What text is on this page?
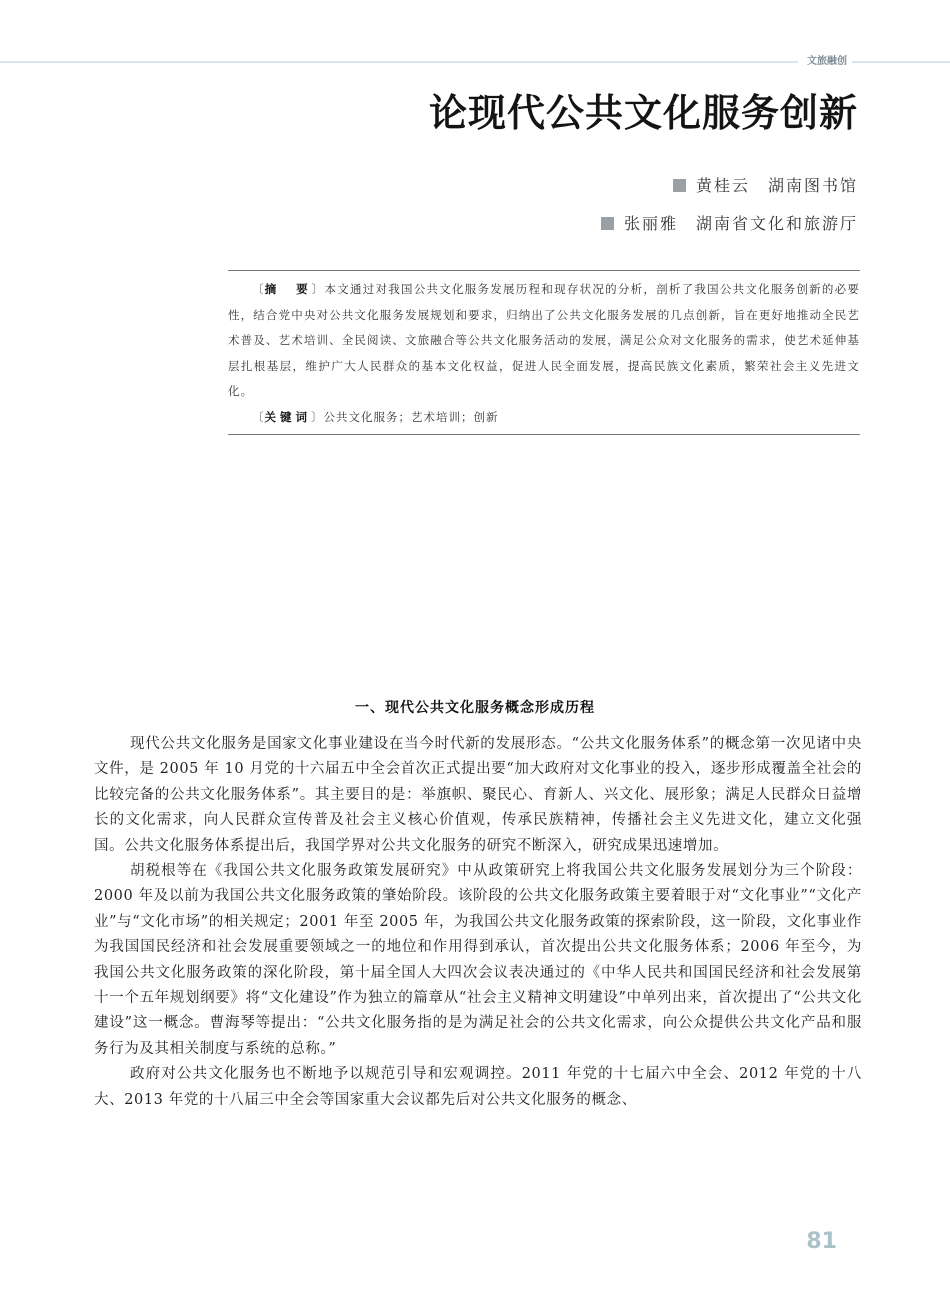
文旅融创
论现代公共文化服务创新
黄桂云 湖南图书馆
张丽雅 湖南省文化和旅游厅

〔摘　要〕本文通过对我国公共文化服务发展历程和现存状况的分析，剖析了我国公共文化服务创新的必要性，结合党中央对公共文化服务发展规划和要求，归纳出了公共文化服务发展的几点创新，旨在更好地推动全民艺术普及、艺术培训、全民阅读、文旅融合等公共文化服务活动的发展，满足公众对文化服务的需求，使艺术延伸基层扎根基层，维护广大人民群众的基本文化权益，促进人民全面发展，提高民族文化素质，繁荣社会主义先进文化。

〔关键词〕公共文化服务；艺术培训；创新

一、现代公共文化服务概念形成历程

现代公共文化服务是国家文化事业建设在当今时代新的发展形态。“公共文化服务体系”的概念第一次见诸中央文件，是 2005 年 10 月党的十六届五中全会首次正式提出要“加大政府对文化事业的投入，逐步形成覆盖全社会的比较完备的公共文化服务体系”。其主要目的是：举旗帜、聚民心、育新人、兴文化、展形象；满足人民群众日益增长的文化需求，向人民群众宣传普及社会主义核心价值观，传承民族精神，传播社会主义先进文化，建立文化强国。公共文化服务体系提出后，我国学界对公共文化服务的研究不断深入，研究成果迅速增加。

胡税根等在《我国公共文化服务政策发展研究》中从政策研究上将我国公共文化服务发展划分为三个阶段：2000 年及以前为我国公共文化服务政策的肇始阶段。该阶段的公共文化服务政策主要着眼于对“文化事业”“文化产业”与“文化市场”的相关规定；2001 年至 2005 年，为我国公共文化服务政策的探索阶段，这一阶段，文化事业作为我国国民经济和社会发展重要领域之一的地位和作用得到承认，首次提出公共文化服务体系；2006 年至今，为我国公共文化服务政策的深化阶段，第十届全国人大四次会议表决通过的《中华人民共和国国民经济和社会发展第十一个五年规划纲要》将“文化建设”作为独立的篇章从“社会主义精神文明建设”中单列出来，首次提出了“公共文化建设”这一概念。曹海琴等提出：“公共文化服务指的是为满足社会的公共文化需求，向公众提供公共文化产品和服务行为及其相关制度与系统的总称。”

政府对公共文化服务也不断地予以规范引导和宏观调控。2011 年党的十七届六中全会、2012 年党的十八大、2013 年党的十八届三中全会等国家重大会议都先后对公共文化服务的概念、

81
